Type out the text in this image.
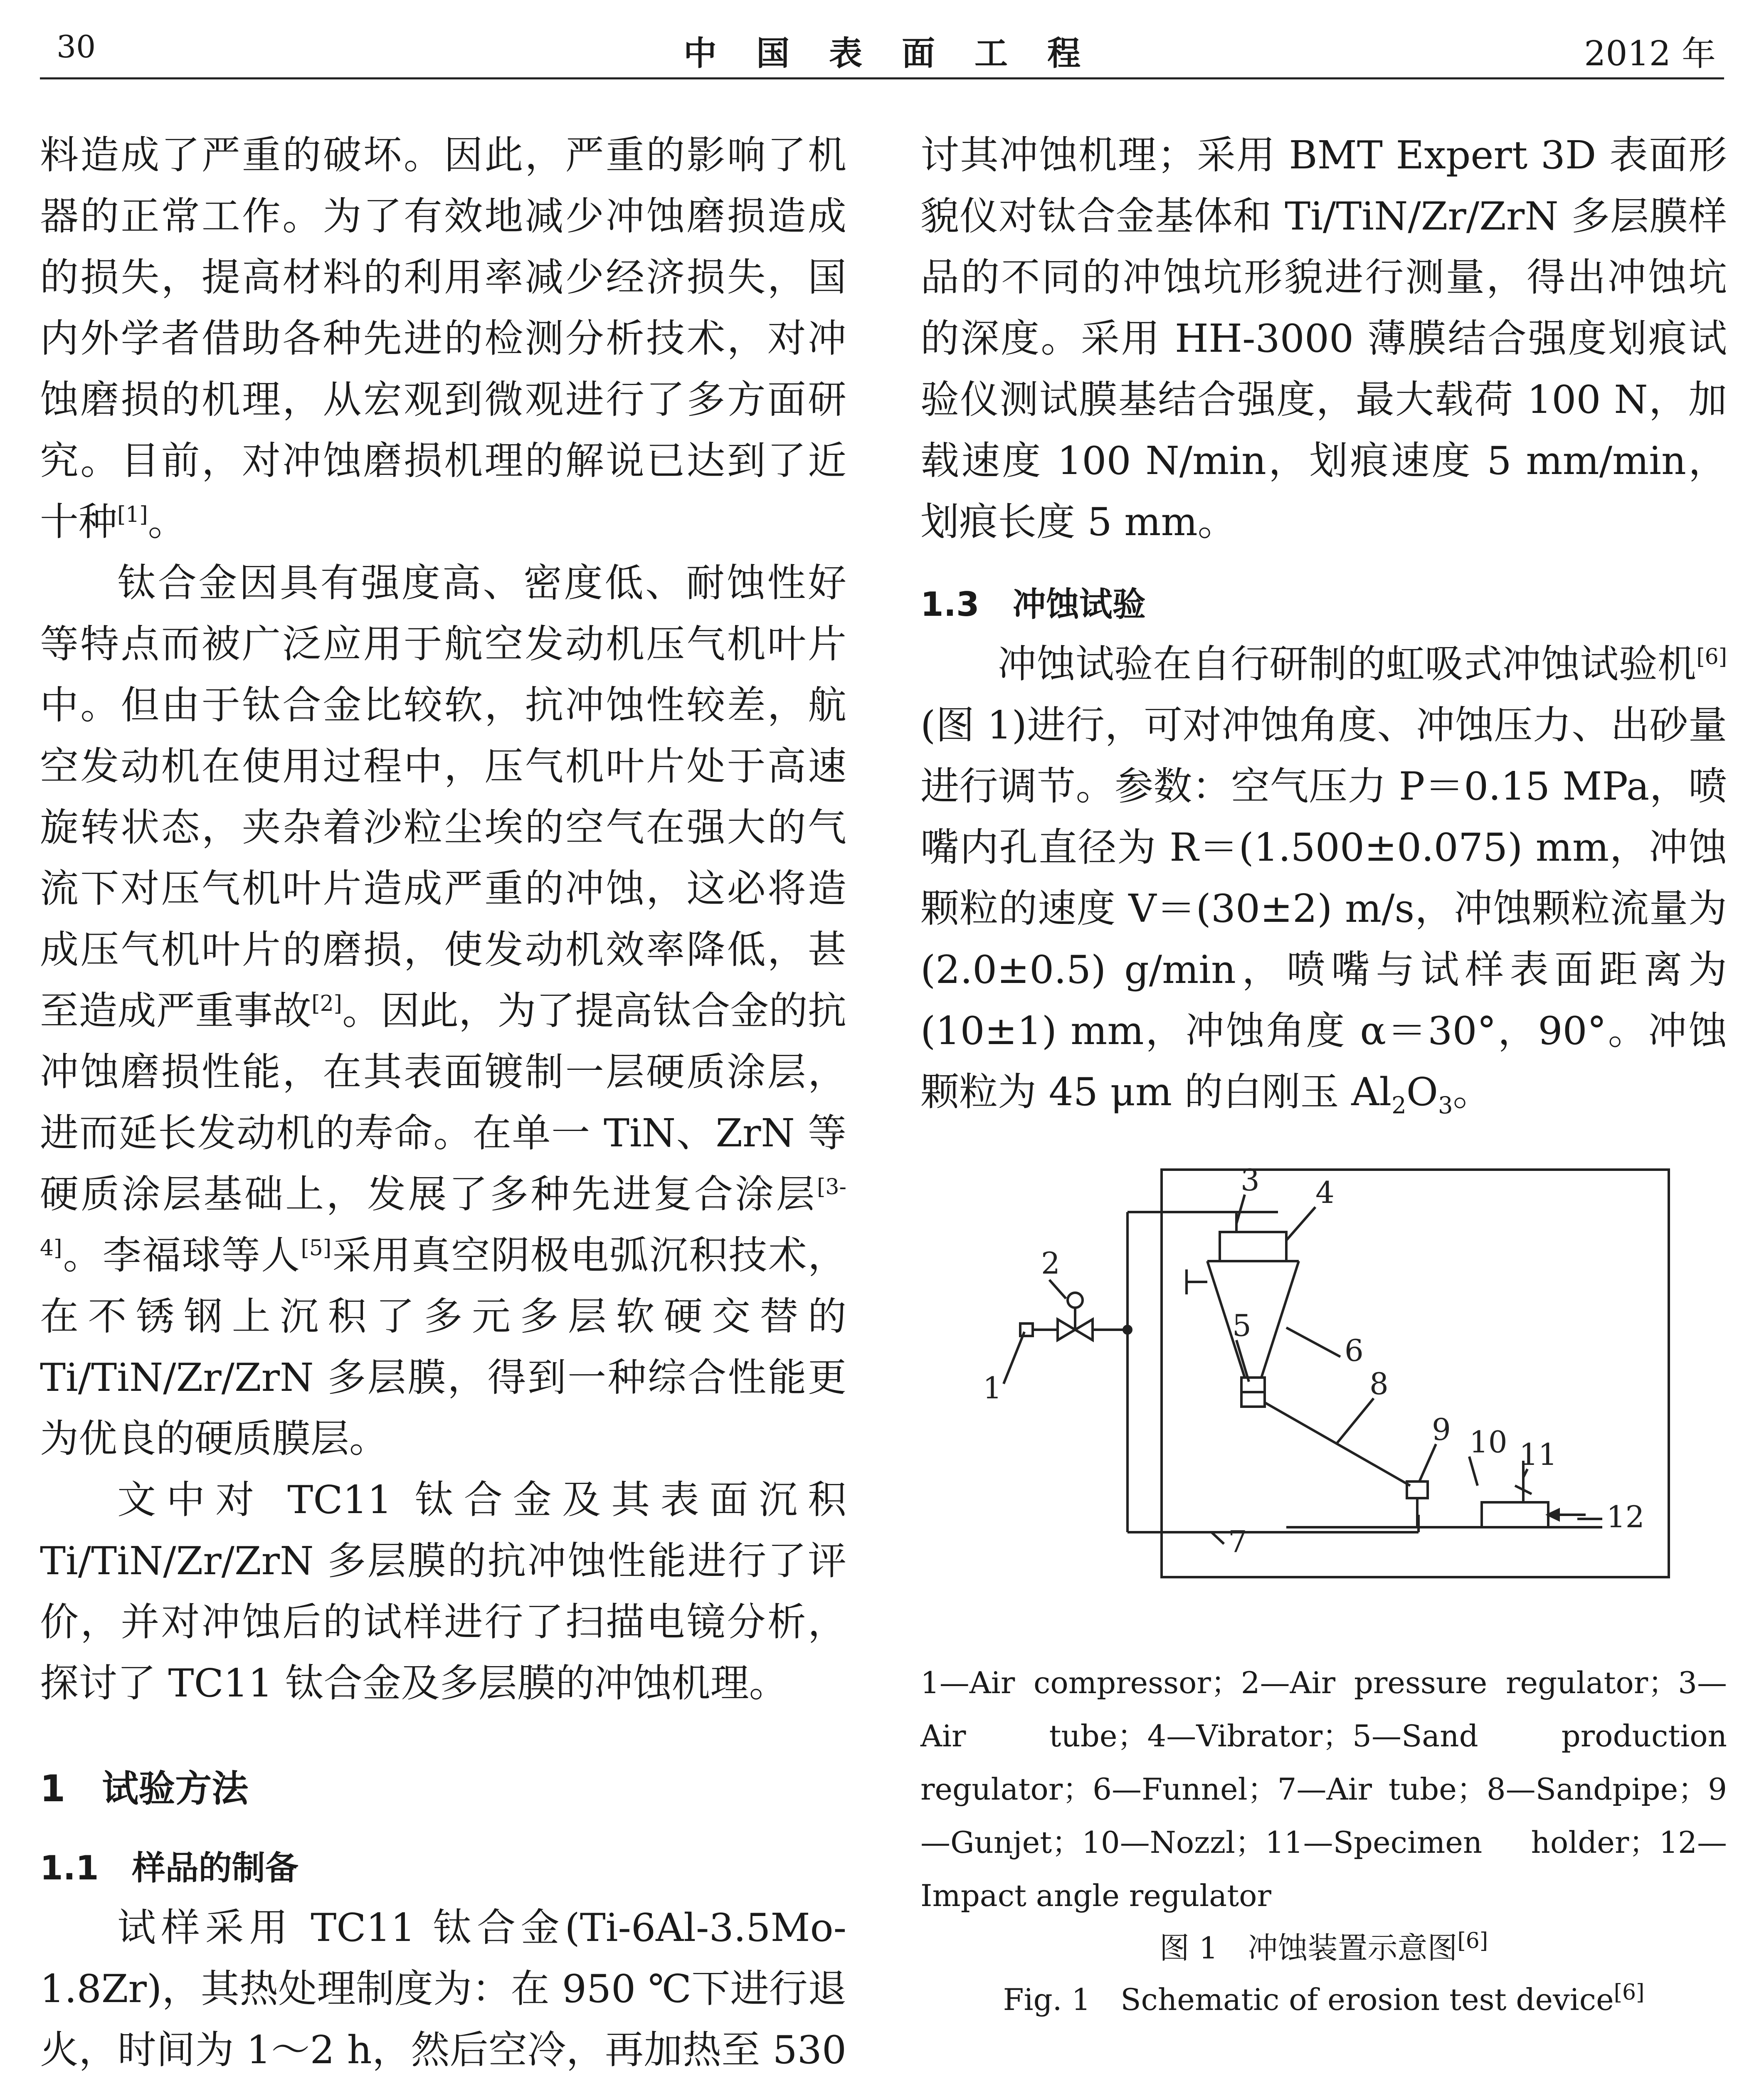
30	中国表面工程	2012 年

料造成了严重的破坏。因此，严重的影响了机器的正常工作。为了有效地减少冲蚀磨损造成的损失，提高材料的利用率减少经济损失，国内外学者借助各种先进的检测分析技术，对冲蚀磨损的机理，从宏观到微观进行了多方面研究。目前，对冲蚀磨损机理的解说已达到了近十种[1]。

钛合金因具有强度高、密度低、耐蚀性好等特点而被广泛应用于航空发动机压气机叶片中。但由于钛合金比较软，抗冲蚀性较差，航空发动机在使用过程中，压气机叶片处于高速旋转状态，夹杂着沙粒尘埃的空气在强大的气流下对压气机叶片造成严重的冲蚀，这必将造成压气机叶片的磨损，使发动机效率降低，甚至造成严重事故[2]。因此，为了提高钛合金的抗冲蚀磨损性能，在其表面镀制一层硬质涂层，进而延长发动机的寿命。在单一 TiN、ZrN 等硬质涂层基础上，发展了多种先进复合涂层[3-4]。李福球等人[5]采用真空阴极电弧沉积技术，在不锈钢上沉积了多元多层软硬交替的 Ti/TiN/Zr/ZrN 多层膜，得到一种综合性能更为优良的硬质膜层。

文中对 TC11 钛合金及其表面沉积 Ti/TiN/Zr/ZrN 多层膜的抗冲蚀性能进行了评价，并对冲蚀后的试样进行了扫描电镜分析，探讨了 TC11 钛合金及多层膜的冲蚀机理。

1　试验方法
1.1　样品的制备

试样采用 TC11 钛合金(Ti-6Al-3.5Mo-1.8Zr)，其热处理制度为：在 950 ℃下进行退火，时间为 1～2 h，然后空冷，再加热至 530

讨其冲蚀机理；采用 BMT Expert 3D 表面形貌仪对钛合金基体和 Ti/TiN/Zr/ZrN 多层膜样品的不同的冲蚀坑形貌进行测量，得出冲蚀坑的深度。采用 HH-3000 薄膜结合强度划痕试验仪测试膜基结合强度，最大载荷 100 N，加载速度 100 N/min，划痕速度 5 mm/min，划痕长度 5 mm。

1.3　冲蚀试验

冲蚀试验在自行研制的虹吸式冲蚀试验机[6](图 1)进行，可对冲蚀角度、冲蚀压力、出砂量进行调节。参数：空气压力 P＝0.15 MPa，喷嘴内孔直径为 R＝(1.500±0.075) mm，冲蚀颗粒的速度 V＝(30±2) m/s，冲蚀颗粒流量为(2.0±0.5) g/min，喷嘴与试样表面距离为(10±1) mm，冲蚀角度 α＝30°，90°。冲蚀颗粒为 45 μm 的白刚玉 $Al_2O_3$。

1
2
3 4
5
6
7
8
9 10 11
12

1—Air compressor；2—Air pressure regulator；3—Air tube；4—Vibrator；5—Sand production regulator；6—Funnel；7—Air tube；8—Sandpipe；9—Gunjet；10—Nozzl；11—Specimen holder；12—Impact angle regulator

图 1　冲蚀装置示意图[6]

Fig. 1　Schematic of erosion test device[6]
